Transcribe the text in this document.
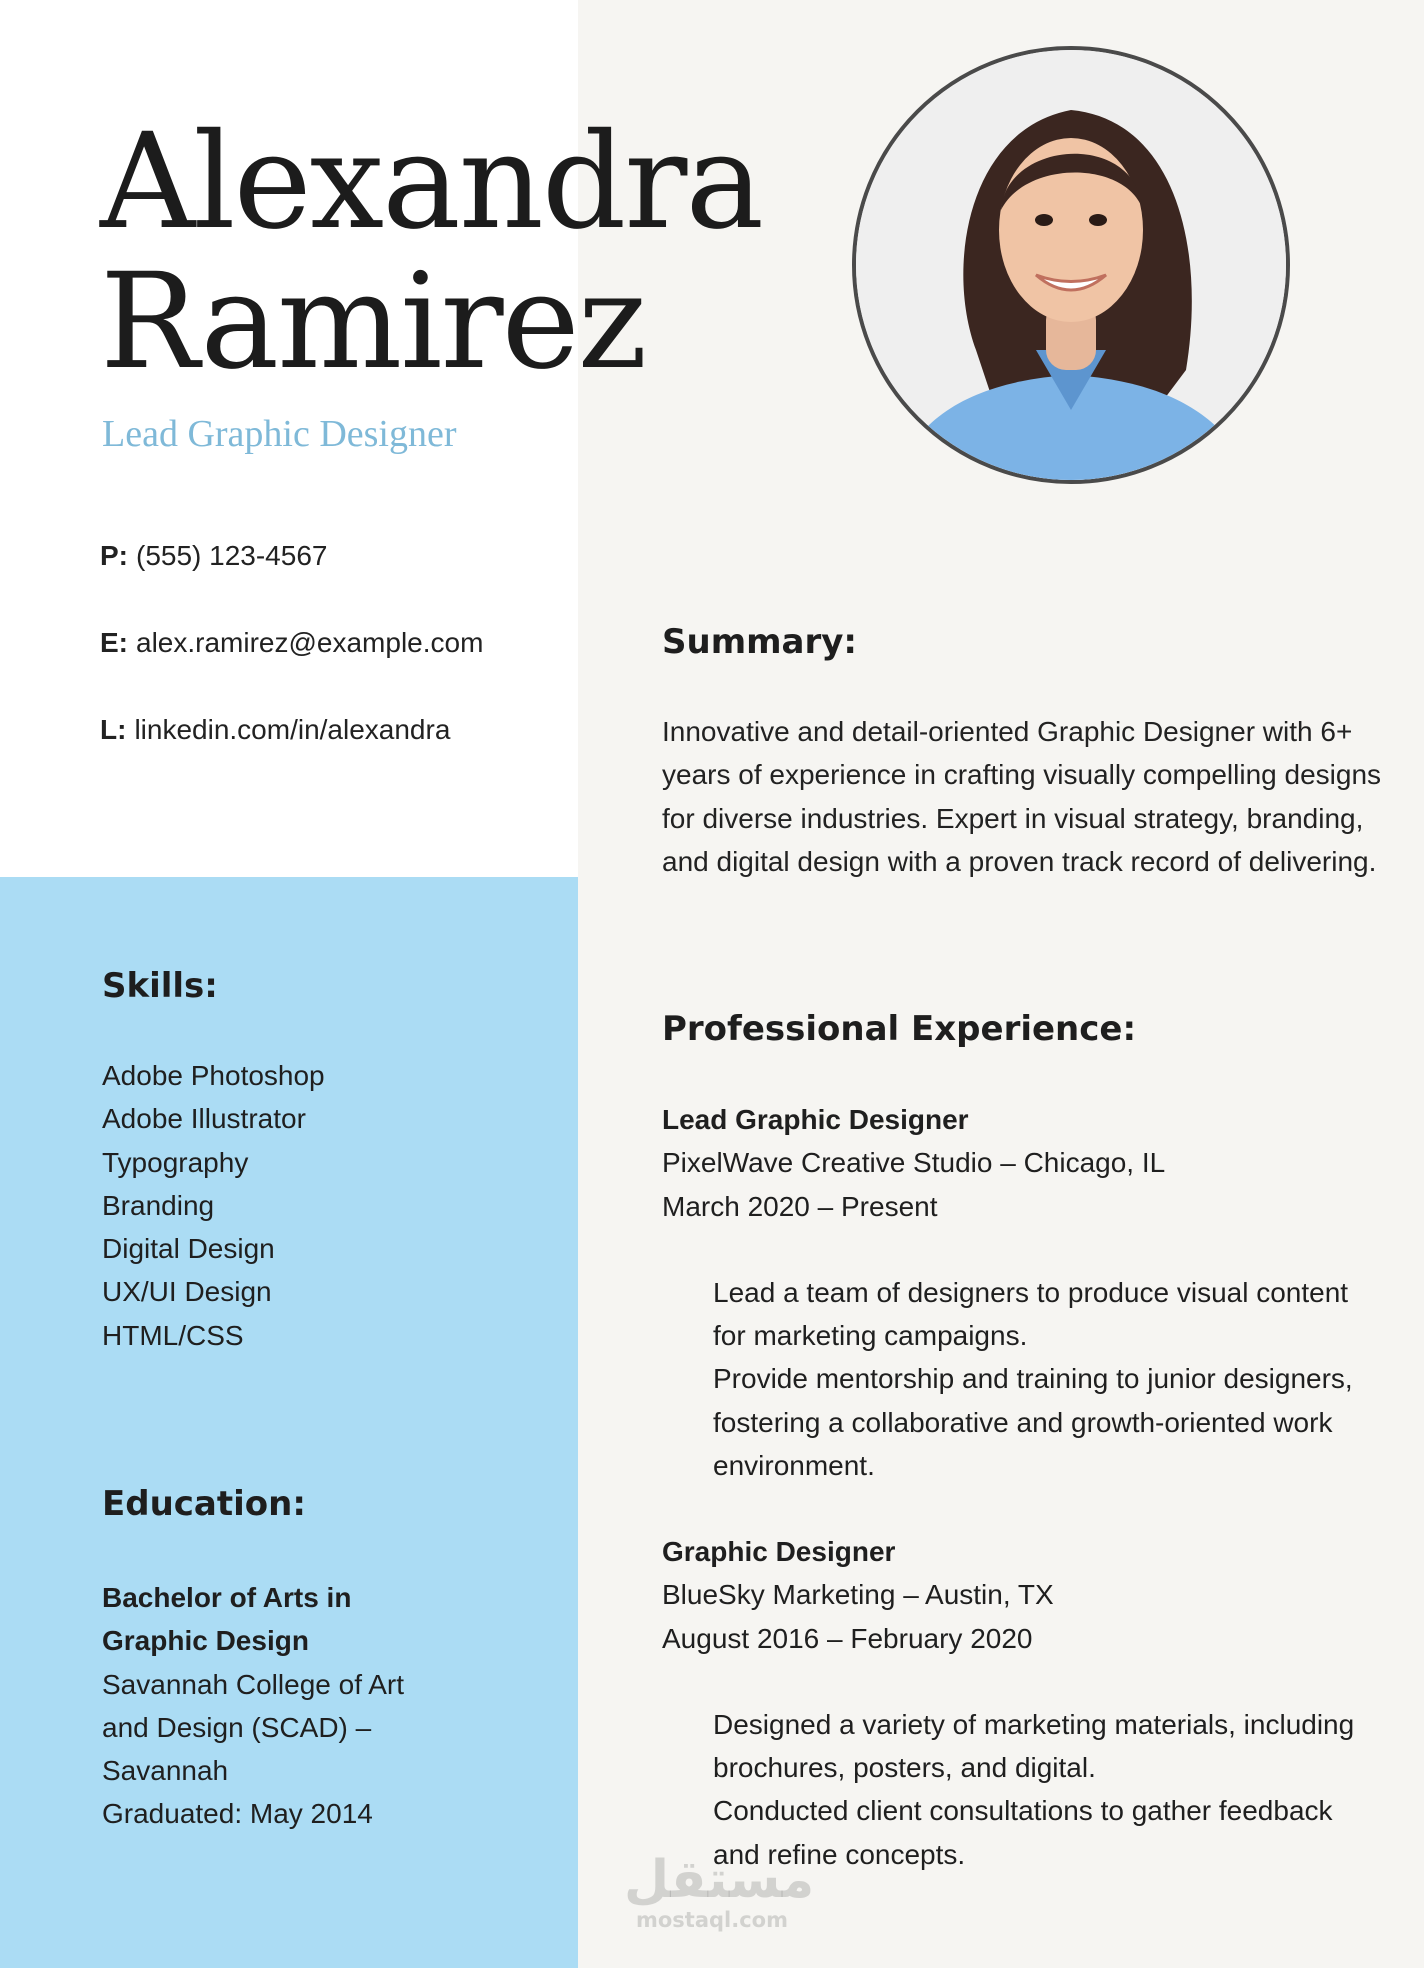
Alexandra
Ramirez
Lead Graphic Designer
P: (555) 123-4567
E: alex.ramirez@example.com
L: linkedin.com/in/alexandra
Summary:

Innovative and detail-oriented Graphic Designer with 6+ years of experience in crafting visually compelling designs for diverse industries. Expert in visual strategy, branding, and digital design with a proven track record of delivering.

Skills:
Adobe Photoshop
Adobe Illustrator
Typography
Branding
Digital Design
UX/UI Design
HTML/CSS
Education:
Bachelor of Arts in Graphic Design
Savannah College of Art and Design (SCAD) – Savannah
Graduated: May 2014
Professional Experience:
Lead Graphic Designer
PixelWave Creative Studio – Chicago, IL
March 2020 – Present
Lead a team of designers to produce visual content for marketing campaigns.
Provide mentorship and training to junior designers, fostering a collaborative and growth-oriented work environment.
Graphic Designer
BlueSky Marketing – Austin, TX
August 2016 – February 2020
Designed a variety of marketing materials, including brochures, posters, and digital.
Conducted client consultations to gather feedback and refine concepts.
مستقل
mostaql.com
